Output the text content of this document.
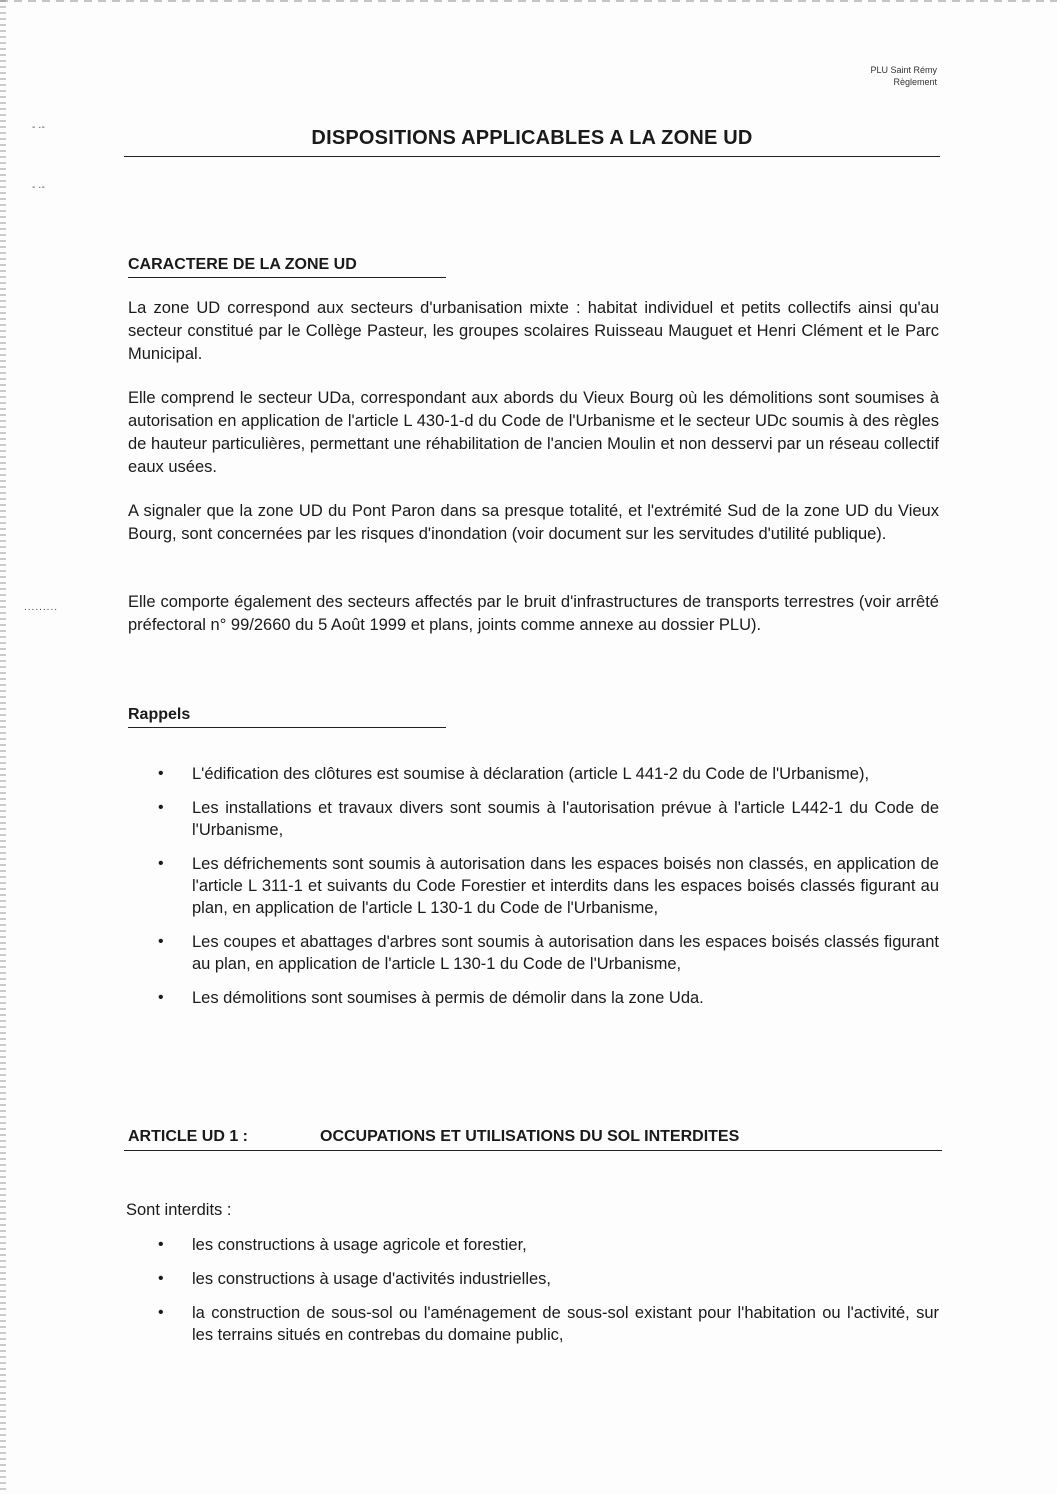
- ·-
- ·-
.........
PLU Saint Rémy
Règlement
DISPOSITIONS APPLICABLES A LA ZONE UD
CARACTERE DE LA ZONE UD
La zone UD correspond aux secteurs d'urbanisation mixte : habitat individuel et petits collectifs ainsi qu'au secteur constitué par le Collège Pasteur, les groupes scolaires Ruisseau Mauguet et Henri Clément et le Parc Municipal.
Elle comprend le secteur UDa, correspondant aux abords du Vieux Bourg où les démolitions sont soumises à autorisation en application de l'article L 430-1-d du Code de l'Urbanisme et le secteur UDc soumis à des règles de hauteur particulières, permettant une réhabilitation de l'ancien Moulin et non desservi par un réseau collectif eaux usées.
A signaler que la zone UD du Pont Paron dans sa presque totalité, et l'extrémité Sud de la zone UD du Vieux Bourg, sont concernées par les risques d'inondation (voir document sur les servitudes d'utilité publique).
Elle comporte également des secteurs affectés par le bruit d'infrastructures de transports terrestres (voir arrêté préfectoral n° 99/2660 du 5 Août 1999 et plans, joints comme annexe au dossier PLU).
Rappels
• L'édification des clôtures est soumise à déclaration (article L 441-2 du Code de l'Urbanisme),
• Les installations et travaux divers sont soumis à l'autorisation prévue à l'article L442-1 du Code de l'Urbanisme,
• Les défrichements sont soumis à autorisation dans les espaces boisés non classés, en application de l'article L 311-1 et suivants du Code Forestier et interdits dans les espaces boisés classés figurant au plan, en application de l'article L 130-1 du Code de l'Urbanisme,
• Les coupes et abattages d'arbres sont soumis à autorisation dans les espaces boisés classés figurant au plan, en application de l'article L 130-1 du Code de l'Urbanisme,
• Les démolitions sont soumises à permis de démolir dans la zone Uda.
ARTICLE UD 1 :	OCCUPATIONS ET UTILISATIONS DU SOL INTERDITES
Sont interdits :
• les constructions à usage agricole et forestier,
• les constructions à usage d'activités industrielles,
• la construction de sous-sol ou l'aménagement de sous-sol existant pour l'habitation ou l'activité, sur les terrains situés en contrebas du domaine public,
